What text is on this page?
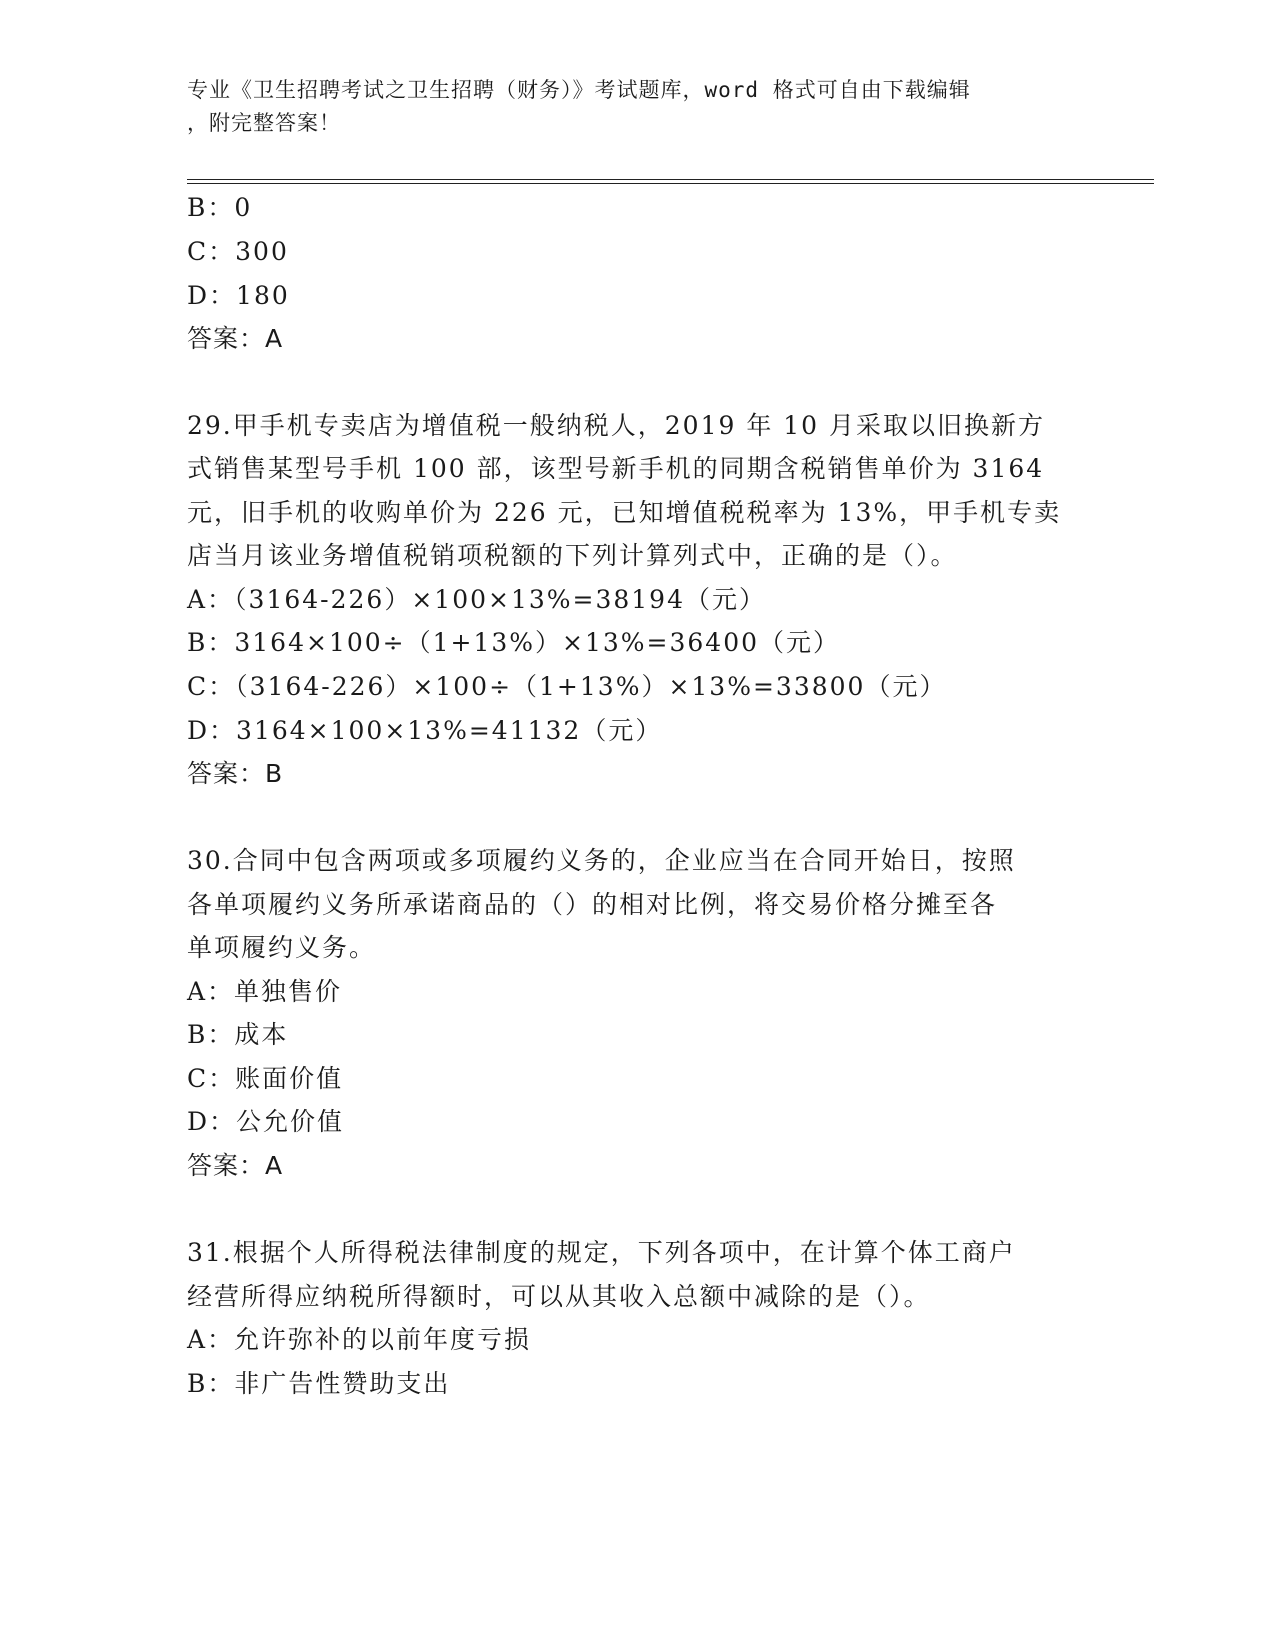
专业《卫生招聘考试之卫生招聘（财务）》考试题库，word 格式可自由下载编辑
，附完整答案！
B：0
C：300
D：180
答案：A
29.甲手机专卖店为增值税一般纳税人，2019 年 10 月采取以旧换新方
式销售某型号手机 100 部，该型号新手机的同期含税销售单价为 3164
元，旧手机的收购单价为 226 元，已知增值税税率为 13%，甲手机专卖
店当月该业务增值税销项税额的下列计算列式中，正确的是（）。
A：（3164-226）×100×13%=38194（元）
B：3164×100÷（1+13%）×13%=36400（元）
C：（3164-226）×100÷（1+13%）×13%=33800（元）
D：3164×100×13%=41132（元）
答案：B
30.合同中包含两项或多项履约义务的，企业应当在合同开始日，按照
各单项履约义务所承诺商品的（）的相对比例，将交易价格分摊至各
单项履约义务。
A：单独售价
B：成本
C：账面价值
D：公允价值
答案：A
31.根据个人所得税法律制度的规定，下列各项中，在计算个体工商户
经营所得应纳税所得额时，可以从其收入总额中减除的是（）。
A：允许弥补的以前年度亏损
B：非广告性赞助支出
